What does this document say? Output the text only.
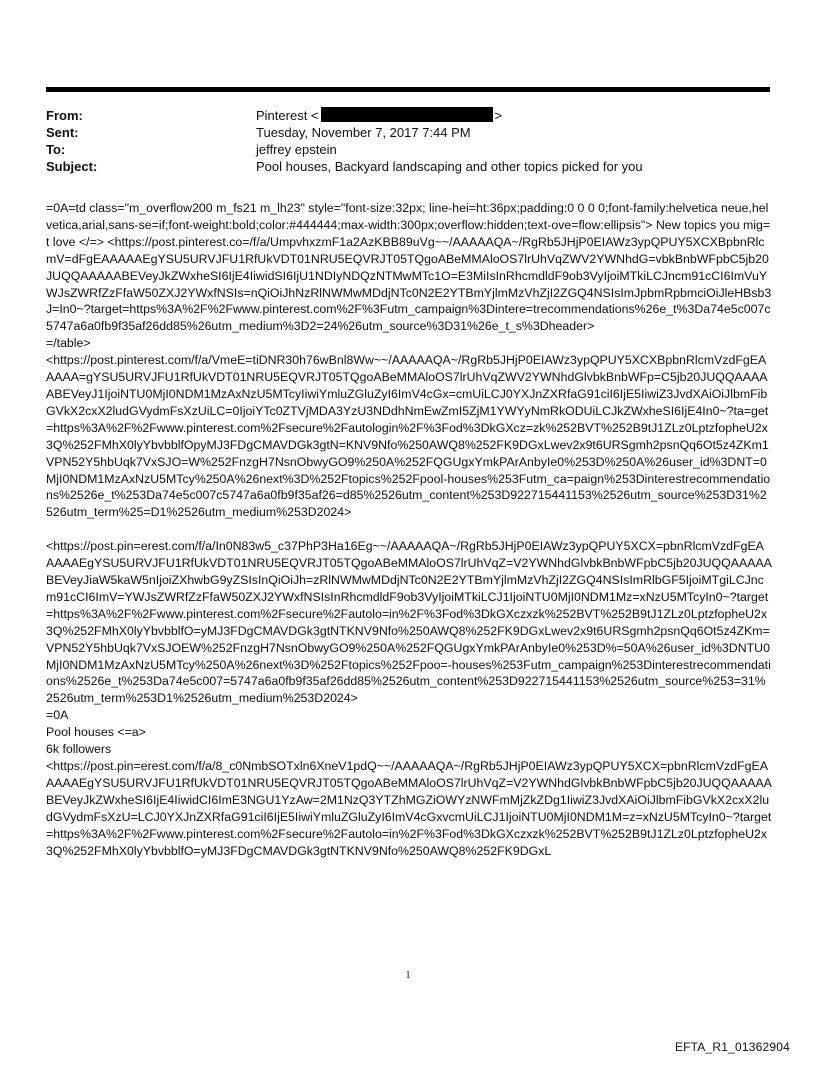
From:	Pinterest <	>
Sent:	Tuesday, November 7, 2017 7:44 PM
To:	jeffrey epstein
Subject:	Pool houses, Backyard landscaping and other topics picked for you

=0A=td class="m_overflow200 m_fs21 m_lh23" style="font-size:32px; line-hei=ht:36px;padding:0 0 0 0;font-family:helvetica neue,helvetica,arial,sans-se=if;font-weight:bold;color:#444444;max-width:300px;overflow:hidden;text-ove=flow:ellipsis"> New topics you mig=t love </=> <https://post.pinterest.co=/f/a/UmpvhxzmF1a2AzKBB89uVg~~/AAAAAQA~/RgRb5JHjP0EIAWz3ypQPUY5XCXBpbnRlcmV=dFgEAAAAAEgYSU5URVJFU1RfUkVDT01NRU5EQVRJT05TQgoABeMMAloOS7lrUhVqZWV2YWNhdG=vbkBnbWFpbC5jb20JUQQAAAAABEVeyJkZWxheSI6IjE4IiwidSI6IjU1NDIyNDQzNTMwMTc1O=E3MiIsInRhcmdldF9ob3VyIjoiMTkiLCJncm91cCI6ImVuYWJsZWRfZzFfaW50ZXJ2YWxfNSIs=nQiOiJhNzRlNWMwMDdjNTc0N2E2YTBmYjlmMzVhZjI2ZGQ4NSIsImJpbmRpbmciOiJleHBsb3J=In0~?target=https%3A%2F%2Fwww.pinterest.com%2F%3Futm_campaign%3Dintere=trecommendations%26e_t%3Da74e5c007c5747a6a0fb9f35af26dd85%26utm_medium%3D2=24%26utm_source%3D31%26e_t_s%3Dheader>

=/table>

<https://post.pinterest.com/f/a/VmeE=tiDNR30h76wBnl8Ww~~/AAAAAQA~/RgRb5JHjP0EIAWz3ypQPUY5XCXBpbnRlcmVzdFgEAAAAA=gYSU5URVJFU1RfUkVDT01NRU5EQVRJT05TQgoABeMMAloOS7lrUhVqZWV2YWNhdGlvbkBnbWFp=C5jb20JUQQAAAAABEVeyJ1IjoiNTU0MjI0NDM1MzAxNzU5MTcyIiwiYmluZGluZyI6ImV4cGx=cmUiLCJ0YXJnZXRfaG91ciI6IjE5IiwiZ3JvdXAiOiJlbmFibGVkX2cxX2ludGVydmFsXzUiLC=0IjoiYTc0ZTVjMDA3YzU3NDdhNmEwZmI5ZjM1YWYyNmRkODUiLCJkZWxheSI6IjE4In0~?ta=get=https%3A%2F%2Fwww.pinterest.com%2Fsecure%2Fautologin%2F%3Fod%3DkGXcz=zk%252BVT%252B9tJ1ZLz0LptzfopheU2x3Q%252FMhX0lyYbvbblfOpyMJ3FDgCMAVDGk3gtN=KNV9Nfo%250AWQ8%252FK9DGxLwev2x9t6URSgmh2psnQq6Ot5z4ZKm1VPN52Y5hbUqk7VxSJO=W%252FnzgH7NsnObwyGO9%250A%252FQGUgxYmkPArAnbyIe0%253D%250A%26user_id%3DNT=0MjI0NDM1MzAxNzU5MTcy%250A%26next%3D%252Ftopics%252Fpool-houses%253Futm_ca=paign%253Dinterestrecommendations%2526e_t%253Da74e5c007c5747a6a0fb9f35af26=d85%2526utm_content%253D922715441153%2526utm_source%253D31%2526utm_term%25=D1%2526utm_medium%253D2024>

<https://post.pin=erest.com/f/a/In0N83w5_c37PhP3Ha16Eg~~/AAAAAQA~/RgRb5JHjP0EIAWz3ypQPUY5XCX=pbnRlcmVzdFgEAAAAAEgYSU5URVJFU1RfUkVDT01NRU5EQVRJT05TQgoABeMMAloOS7lrUhVqZ=V2YWNhdGlvbkBnbWFpbC5jb20JUQQAAAAABEVeyJiaW5kaW5nIjoiZXhwbG9yZSIsInQiOiJh=zRlNWMwMDdjNTc0N2E2YTBmYjlmMzVhZjI2ZGQ4NSIsImRlbGF5IjoiMTgiLCJncm91cCI6ImV=YWJsZWRfZzFfaW50ZXJ2YWxfNSIsInRhcmdldF9ob3VyIjoiMTkiLCJ1IjoiNTU0MjI0NDM1Mz=xNzU5MTcyIn0~?target=https%3A%2F%2Fwww.pinterest.com%2Fsecure%2Fautolo=in%2F%3Fod%3DkGXczxzk%252BVT%252B9tJ1ZLz0LptzfopheU2x3Q%252FMhX0lyYbvbblfO=yMJ3FDgCMAVDGk3gtNTKNV9Nfo%250AWQ8%252FK9DGxLwev2x9t6URSgmh2psnQq6Ot5z4ZKm=VPN52Y5hbUqk7VxSJOEW%252FnzgH7NsnObwyGO9%250A%252FQGUgxYmkPArAnbyIe0%253D%=50A%26user_id%3DNTU0MjI0NDM1MzAxNzU5MTcy%250A%26next%3D%252Ftopics%252Fpoo=-houses%253Futm_campaign%253Dinterestrecommendations%2526e_t%253Da74e5c007=5747a6a0fb9f35af26dd85%2526utm_content%253D922715441153%2526utm_source%253=31%2526utm_term%253D1%2526utm_medium%253D2024>

=0A

Pool houses <=a>

6k followers

<https://post.pin=erest.com/f/a/8_c0NmbSOTxln6XneV1pdQ~~/AAAAAQA~/RgRb5JHjP0EIAWz3ypQPUY5XCX=pbnRlcmVzdFgEAAAAAEgYSU5URVJFU1RfUkVDT01NRU5EQVRJT05TQgoABeMMAloOS7lrUhVqZ=V2YWNhdGlvbkBnbWFpbC5jb20JUQQAAAAABEVeyJkZWxheSI6IjE4IiwidCI6ImE3NGU1YzAw=2M1NzQ3YTZhMGZiOWYzNWFmMjZkZDg1IiwiZ3JvdXAiOiJlbmFibGVkX2cxX2ludGVydmFsXzU=LCJ0YXJnZXRfaG91ciI6IjE5IiwiYmluZGluZyI6ImV4cGxvcmUiLCJ1IjoiNTU0MjI0NDM1M=z=xNzU5MTcyIn0~?target=https%3A%2F%2Fwww.pinterest.com%2Fsecure%2Fautolo=in%2F%3Fod%3DkGXczxzk%252BVT%252B9tJ1ZLz0LptzfopheU2x3Q%252FMhX0lyYbvbblfO=yMJ3FDgCMAVDGk3gtNTKNV9Nfo%250AWQ8%252FK9DGxL

1
EFTA_R1_01362904
